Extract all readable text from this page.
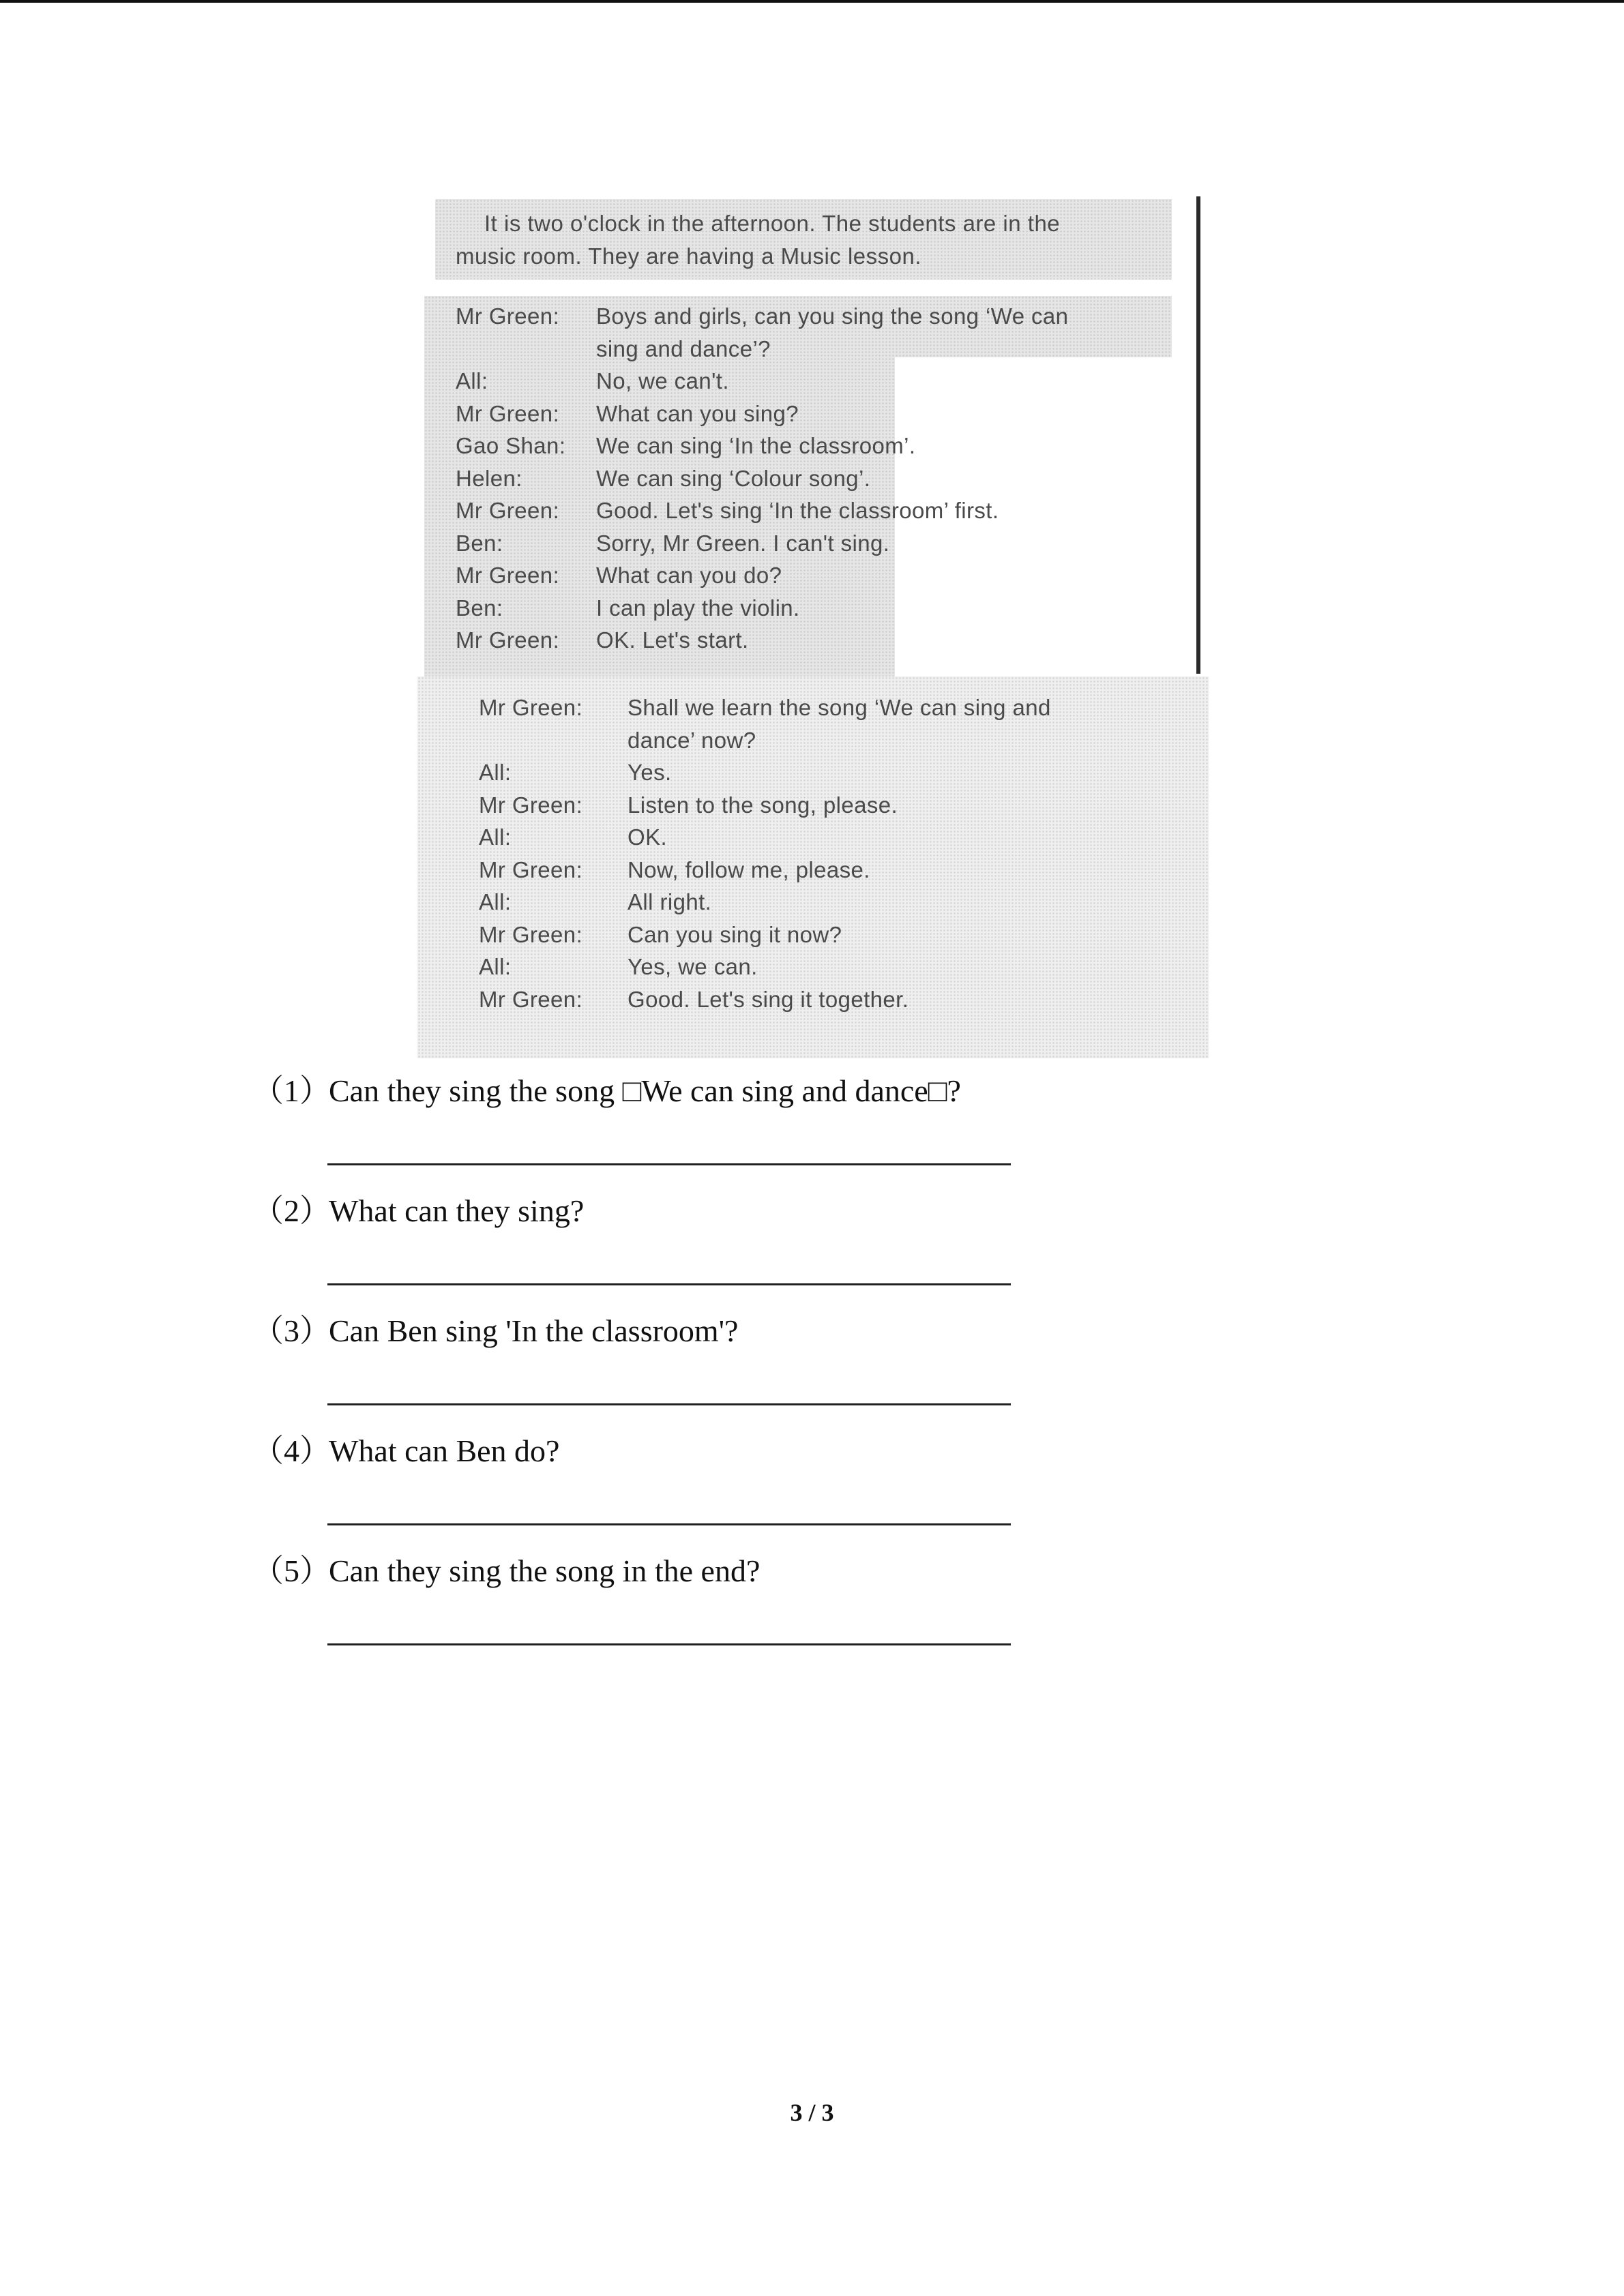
It is two o'clock in the afternoon. The students are in the
music room. They are having a Music lesson.
Mr Green:	Boys and girls, can you sing the song ‘We can
sing and dance’?
All:	No, we can't.
Mr Green:	What can you sing?
Gao Shan:	We can sing ‘In the classroom’.
Helen:	We can sing ‘Colour song’.
Mr Green:	Good. Let's sing ‘In the classroom’ first.
Ben:	Sorry, Mr Green. I can't sing.
Mr Green:	What can you do?
Ben:	I can play the violin.
Mr Green:	OK. Let's start.
Mr Green:	Shall we learn the song ‘We can sing and
dance’ now?
All:	Yes.
Mr Green:	Listen to the song, please.
All:	OK.
Mr Green:	Now, follow me, please.
All:	All right.
Mr Green:	Can you sing it now?
All:	Yes, we can.
Mr Green:	Good. Let's sing it together.
（1）Can they sing the song □We can sing and dance□?
（2）What can they sing?
（3）Can Ben sing 'In the classroom'?
（4）What can Ben do?
（5）Can they sing the song in the end?
3 / 3
